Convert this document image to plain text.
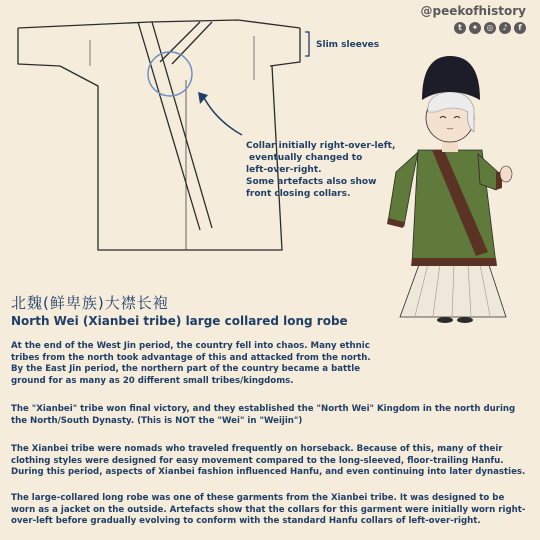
@peekofhistory
t	✦	◎	♪	f
Slim sleeves
Collar initially right-over-left,
eventually changed to
left-over-right.
Some artefacts also show
front closing collars.
北魏(鲜卑族)大襟长袍
North Wei (Xianbei tribe) large collared long robe

At the end of the West Jin period, the country fell into chaos. Many ethnic tribes from the north took advantage of this and attacked from the north. By the East Jin period, the northern part of the country became a battle ground for as many as 20 different small tribes/kingdoms.

The "Xianbei" tribe won final victory, and they established the "North Wei" Kingdom in the north during the North/South Dynasty. (This is NOT the "Wei" in "Weijin")

The Xianbei tribe were nomads who traveled frequently on horseback. Because of this, many of their clothing styles were designed for easy movement compared to the long-sleeved, floor-trailing Hanfu. During this period, aspects of Xianbei fashion influenced Hanfu, and even continuing into later dynasties.

The large-collared long robe was one of these garments from the Xianbei tribe. It was designed to be worn as a jacket on the outside. Artefacts show that the collars for this garment were initially worn right-over-left before gradually evolving to conform with the standard Hanfu collars of left-over-right.
